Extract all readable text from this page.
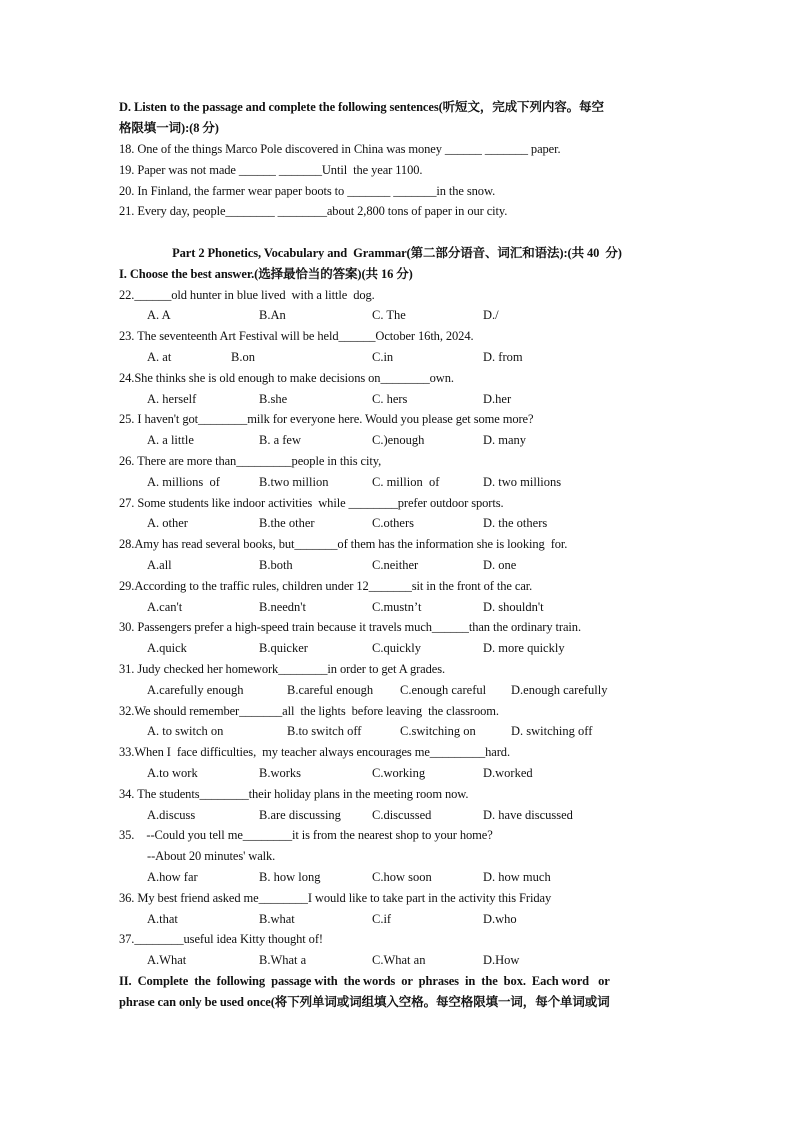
D. Listen to the passage and complete the following sentences(听短文，完成下列内容。每空
格限填一词):(8 分)
18. One of the things Marco Pole discovered in China was money ______ _______ paper.
19. Paper was not made ______ _______Until  the year 1100.
20. In Finland, the farmer wear paper boots to _______ _______in the snow.
21. Every day, people________ ________about 2,800 tons of paper in our city.
Part 2 Phonetics, Vocabulary and  Grammar(第二部分语音、词汇和语法):(共 40  分)
I. Choose the best answer.(选择最恰当的答案)(共 16 分)
22.______old hunter in blue lived  with a little  dog.
A. A	B.An	C. The	D./
23. The seventeenth Art Festival will be held______October 16th, 2024.
A. at	B.on	C.in	D. from
24.She thinks she is old enough to make decisions on________own.
A. herself	B.she	C. hers	D.her
25. I haven't got________milk for everyone here. Would you please get some more?
A. a little	B. a few	C.)enough	D. many
26. There are more than_________people in this city,
A. millions  of	B.two million	C. million  of	D. two millions
27. Some students like indoor activities  while ________prefer outdoor sports.
A. other	B.the other	C.others	D. the others
28.Amy has read several books, but_______of them has the information she is looking  for.
A.all	B.both	C.neither	D. one
29.According to the traffic rules, children under 12_______sit in the front of the car.
A.can't	B.needn't	C.mustn’t	D. shouldn't
30. Passengers prefer a high-speed train because it travels much______than the ordinary train.
A.quick	B.quicker	C.quickly	D. more quickly
31. Judy checked her homework________in order to get A grades.
A.carefully enough	B.careful enough C.enough careful D.enough carefully
32.We should remember_______all  the lights  before leaving  the classroom.
A. to switch on	B.to switch off	C.switching on	D. switching off
33.When I  face difficulties,  my teacher always encourages me_________hard.
A.to work	B.works	C.working	D.worked
34. The students________their holiday plans in the meeting room now.
A.discuss	B.are discussing C.discussed	D. have discussed
35.    --Could you tell me________it is from the nearest shop to your home?
--About 20 minutes' walk.
A.how far	B. how long	C.how soon	D. how much
36. My best friend asked me________I would like to take part in the activity this Friday
A.that	B.what	C.if	D.who
37.________useful idea Kitty thought of!
A.What	B.What a	C.What an	D.How
II.  Complete  the  following  passage with  the words  or  phrases  in  the  box.  Each word   or
phrase can only be used once(将下列单词或词组填入空格。每空格限填一词，每个单词或词
